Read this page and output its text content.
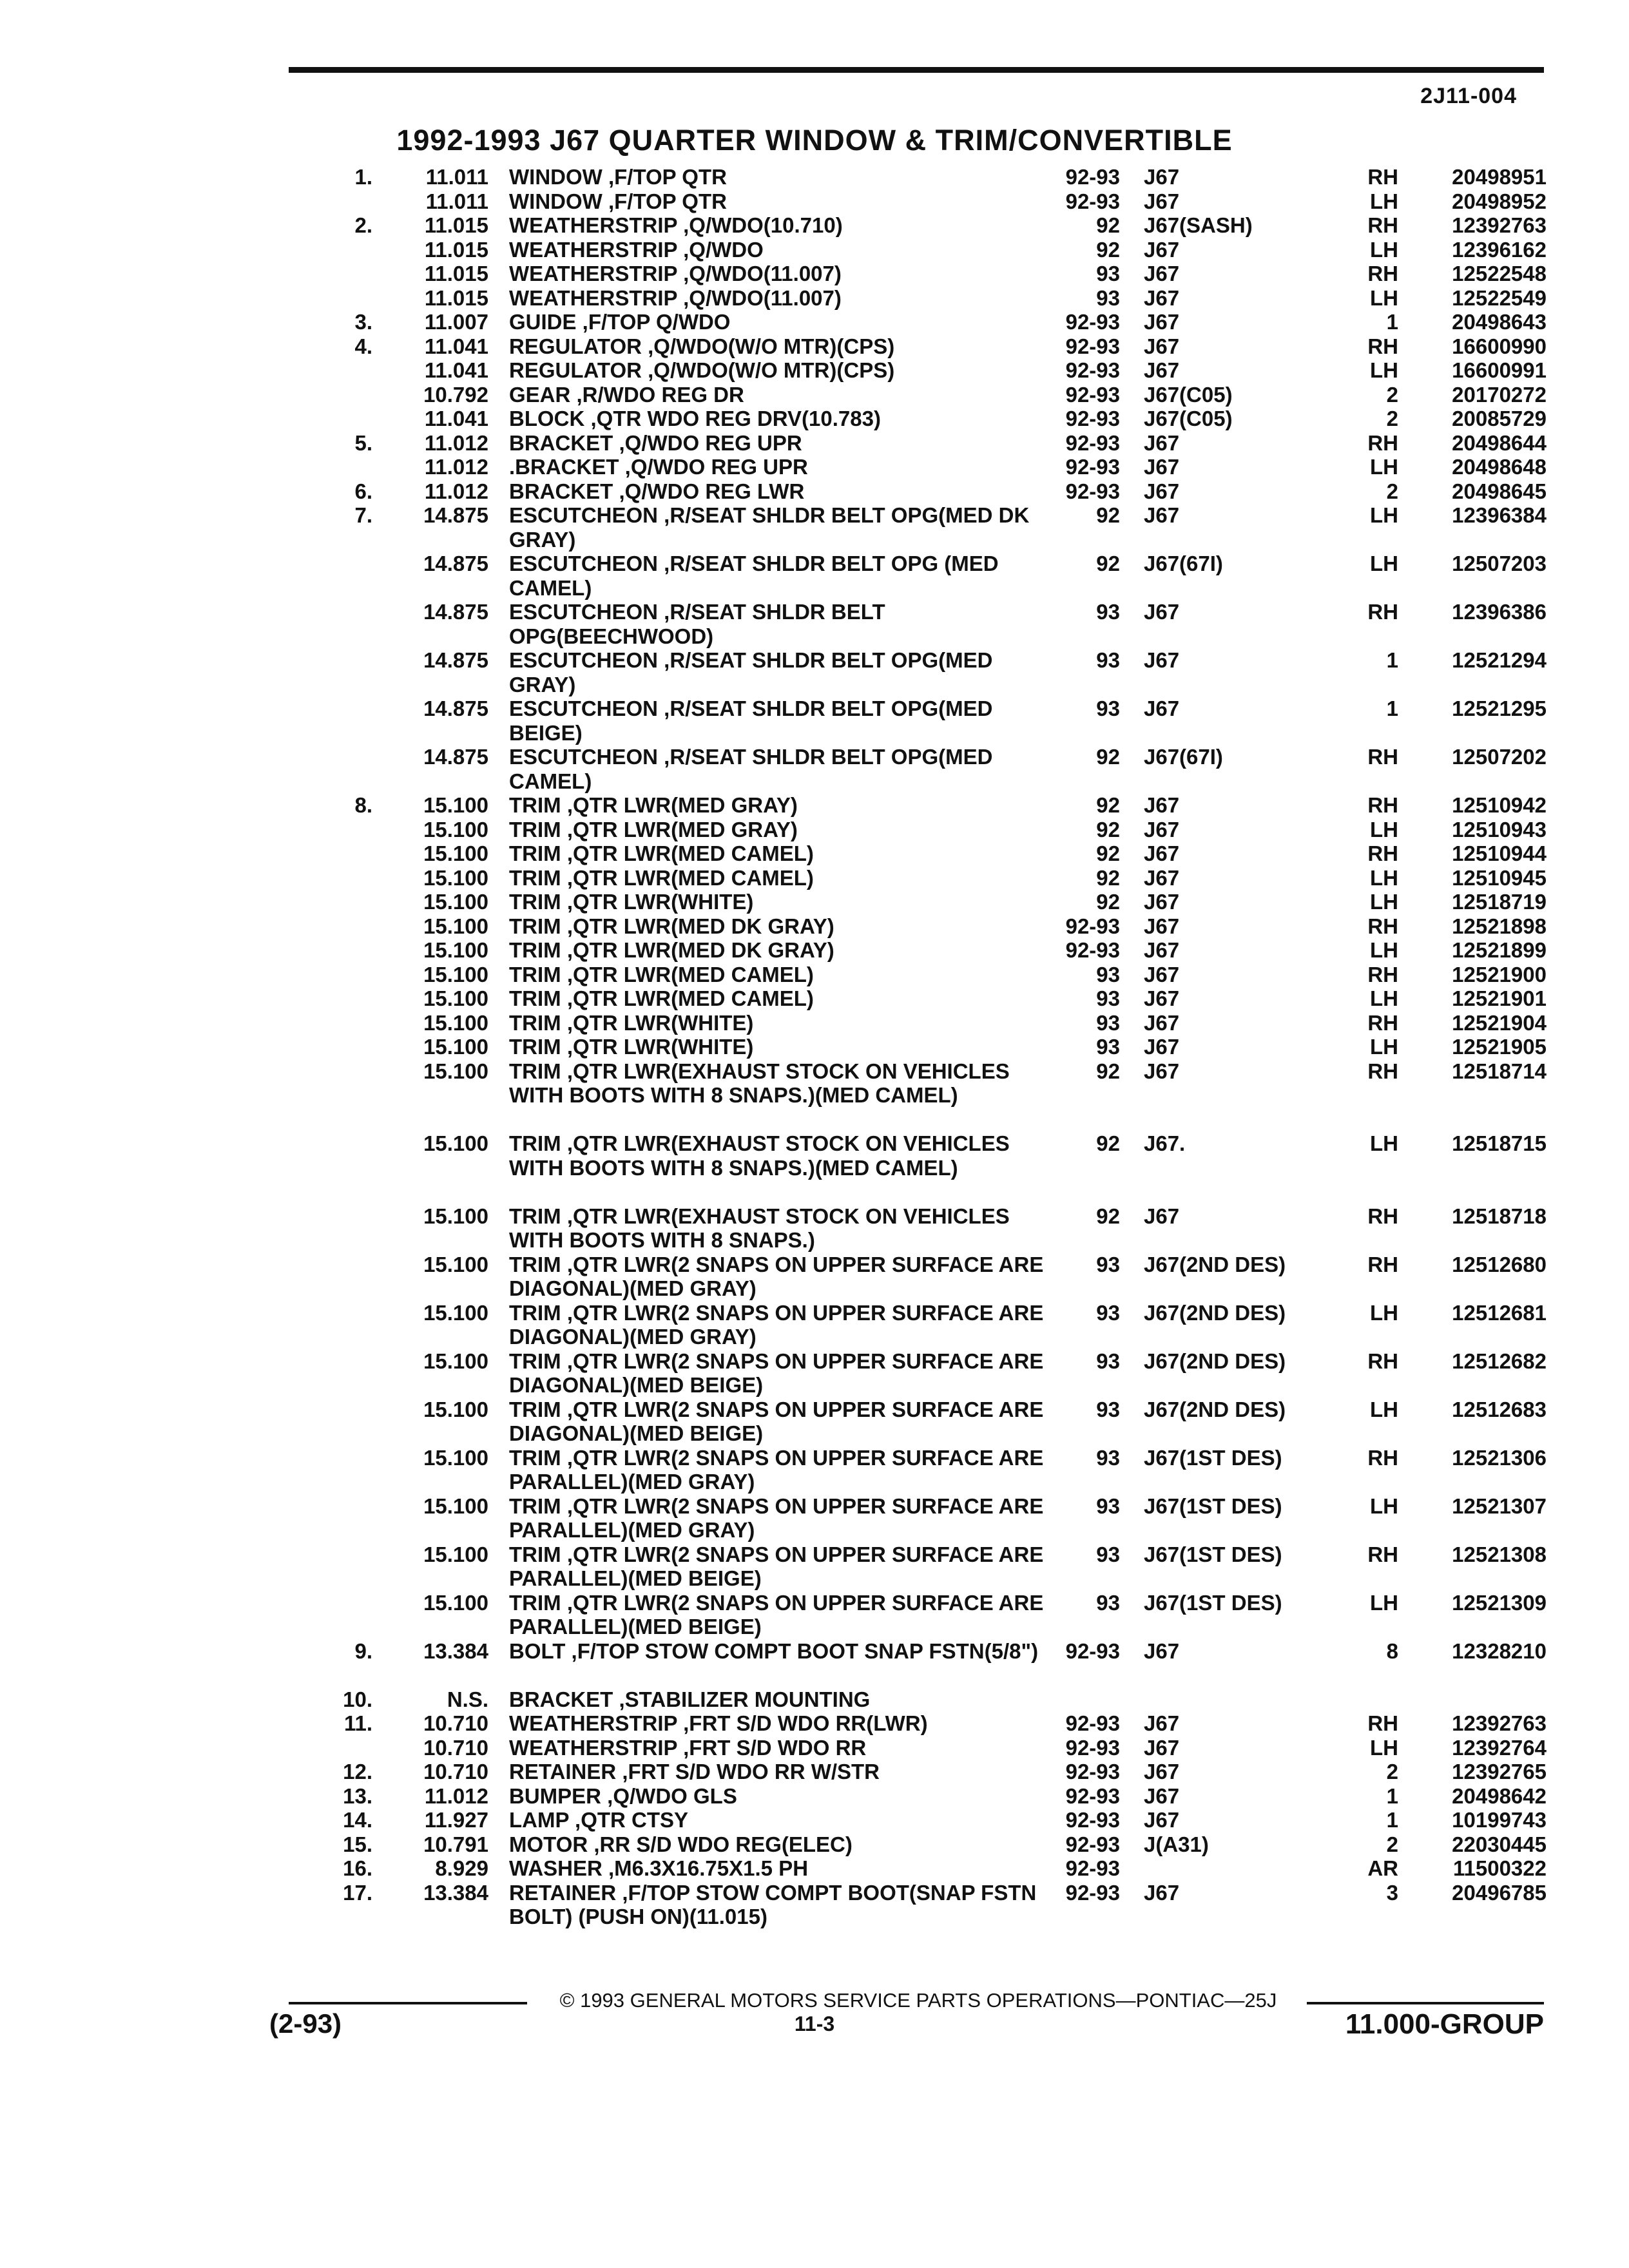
2J11-004
1992-1993 J67 QUARTER WINDOW & TRIM/CONVERTIBLE
1.	11.011 WINDOW ,F/TOP QTR	92-93 J67	RH	20498951
11.011 WINDOW ,F/TOP QTR	92-93 J67	LH	20498952
2. 11.015 WEATHERSTRIP ,Q/WDO(10.710)	92 J67(SASH)	RH	12392763
11.015 WEATHERSTRIP ,Q/WDO	92 J67	LH	12396162
11.015 WEATHERSTRIP ,Q/WDO(11.007)	93 J67	RH	12522548
11.015 WEATHERSTRIP ,Q/WDO(11.007)	93 J67	LH	12522549
3. 11.007 GUIDE ,F/TOP Q/WDO	92-93 J67	1	20498643
4. 11.041 REGULATOR ,Q/WDO(W/O MTR)(CPS)	92-93 J67	RH	16600990
11.041 REGULATOR ,Q/WDO(W/O MTR)(CPS)	92-93 J67	LH	16600991
10.792 GEAR ,R/WDO REG DR	92-93 J67(C05)	2	20170272
11.041 BLOCK ,QTR WDO REG DRV(10.783)	92-93 J67(C05)	2	20085729
5. 11.012 BRACKET ,Q/WDO REG UPR	92-93 J67	RH	20498644
11.012 .BRACKET ,Q/WDO REG UPR	92-93 J67	LH	20498648
6. 11.012 BRACKET ,Q/WDO REG LWR	92-93 J67	2	20498645
7. 14.875 ESCUTCHEON ,R/SEAT SHLDR BELT OPG(MED DK GRAY)
92 J67	LH	12396384
14.875 ESCUTCHEON ,R/SEAT SHLDR BELT OPG (MED CAMEL)
92 J67(67I)	LH	12507203
14.875 ESCUTCHEON ,R/SEAT SHLDR BELT OPG(BEECHWOOD)
93 J67	RH	12396386
14.875 ESCUTCHEON ,R/SEAT SHLDR BELT OPG(MED GRAY)
93 J67	1	12521294
14.875 ESCUTCHEON ,R/SEAT SHLDR BELT OPG(MED BEIGE)
93 J67	1	12521295
14.875 ESCUTCHEON ,R/SEAT SHLDR BELT OPG(MED CAMEL)
92 J67(67I)	RH	12507202
8. 15.100 TRIM ,QTR LWR(MED GRAY)	92 J67	RH	12510942
15.100 TRIM ,QTR LWR(MED GRAY)	92 J67	LH	12510943
15.100 TRIM ,QTR LWR(MED CAMEL)	92 J67	RH	12510944
15.100 TRIM ,QTR LWR(MED CAMEL)	92 J67	LH	12510945
15.100 TRIM ,QTR LWR(WHITE)	92 J67	LH	12518719
15.100 TRIM ,QTR LWR(MED DK GRAY)	92-93 J67	RH	12521898
15.100 TRIM ,QTR LWR(MED DK GRAY)	92-93 J67	LH	12521899
15.100 TRIM ,QTR LWR(MED CAMEL)	93 J67	RH	12521900
15.100 TRIM ,QTR LWR(MED CAMEL)	93 J67	LH	12521901
15.100 TRIM ,QTR LWR(WHITE)	93 J67	RH	12521904
15.100 TRIM ,QTR LWR(WHITE)	93 J67	LH	12521905
15.100 TRIM ,QTR LWR(EXHAUST STOCK ON VEHICLES WITH BOOTS WITH 8 SNAPS.)(MED CAMEL)
92 J67	RH	12518714
15.100 TRIM ,QTR LWR(EXHAUST STOCK ON VEHICLES WITH BOOTS WITH 8 SNAPS.)(MED CAMEL)
92 J67.	LH	12518715
15.100 TRIM ,QTR LWR(EXHAUST STOCK ON VEHICLES WITH BOOTS WITH 8 SNAPS.)
92 J67	RH	12518718
15.100 TRIM ,QTR LWR(2 SNAPS ON UPPER SURFACE ARE DIAGONAL)(MED GRAY)
93 J67(2ND DES)	RH	12512680
15.100 TRIM ,QTR LWR(2 SNAPS ON UPPER SURFACE ARE DIAGONAL)(MED GRAY)
93 J67(2ND DES)	LH	12512681
15.100 TRIM ,QTR LWR(2 SNAPS ON UPPER SURFACE ARE DIAGONAL)(MED BEIGE)
93 J67(2ND DES)	RH	12512682
15.100 TRIM ,QTR LWR(2 SNAPS ON UPPER SURFACE ARE DIAGONAL)(MED BEIGE)
93 J67(2ND DES)	LH	12512683
15.100 TRIM ,QTR LWR(2 SNAPS ON UPPER SURFACE ARE PARALLEL)(MED GRAY)
93 J67(1ST DES)	RH	12521306
15.100 TRIM ,QTR LWR(2 SNAPS ON UPPER SURFACE ARE PARALLEL)(MED GRAY)
93 J67(1ST DES)	LH	12521307
15.100 TRIM ,QTR LWR(2 SNAPS ON UPPER SURFACE ARE PARALLEL)(MED BEIGE)
93 J67(1ST DES)	RH	12521308
15.100 TRIM ,QTR LWR(2 SNAPS ON UPPER SURFACE ARE PARALLEL)(MED BEIGE)
93 J67(1ST DES)	LH	12521309
9. 13.384 BOLT ,F/TOP STOW COMPT BOOT SNAP FSTN(5/8") 92-93 J67	8	12328210
10.	N.S. BRACKET ,STABILIZER MOUNTING
11. 10.710 WEATHERSTRIP ,FRT S/D WDO RR(LWR)	92-93 J67	RH	12392763
10.710 WEATHERSTRIP ,FRT S/D WDO RR	92-93 J67	LH	12392764
12. 10.710 RETAINER ,FRT S/D WDO RR W/STR	92-93 J67	2	12392765
13. 11.012 BUMPER ,Q/WDO GLS	92-93 J67	1	20498642
14. 11.927 LAMP ,QTR CTSY	92-93 J67	1	10199743
15. 10.791 MOTOR ,RR S/D WDO REG(ELEC)	92-93 J(A31)	2	22030445
16.	8.929 WASHER ,M6.3X16.75X1.5 PH	92-93	AR	11500322
17. 13.384 RETAINER ,F/TOP STOW COMPT BOOT(SNAP FSTN BOLT) (PUSH ON)(11.015)
92-93 J67	3	20496785
© 1993 GENERAL MOTORS SERVICE PARTS OPERATIONS—PONTIAC—25J
(2-93)	11-3	11.000-GROUP
